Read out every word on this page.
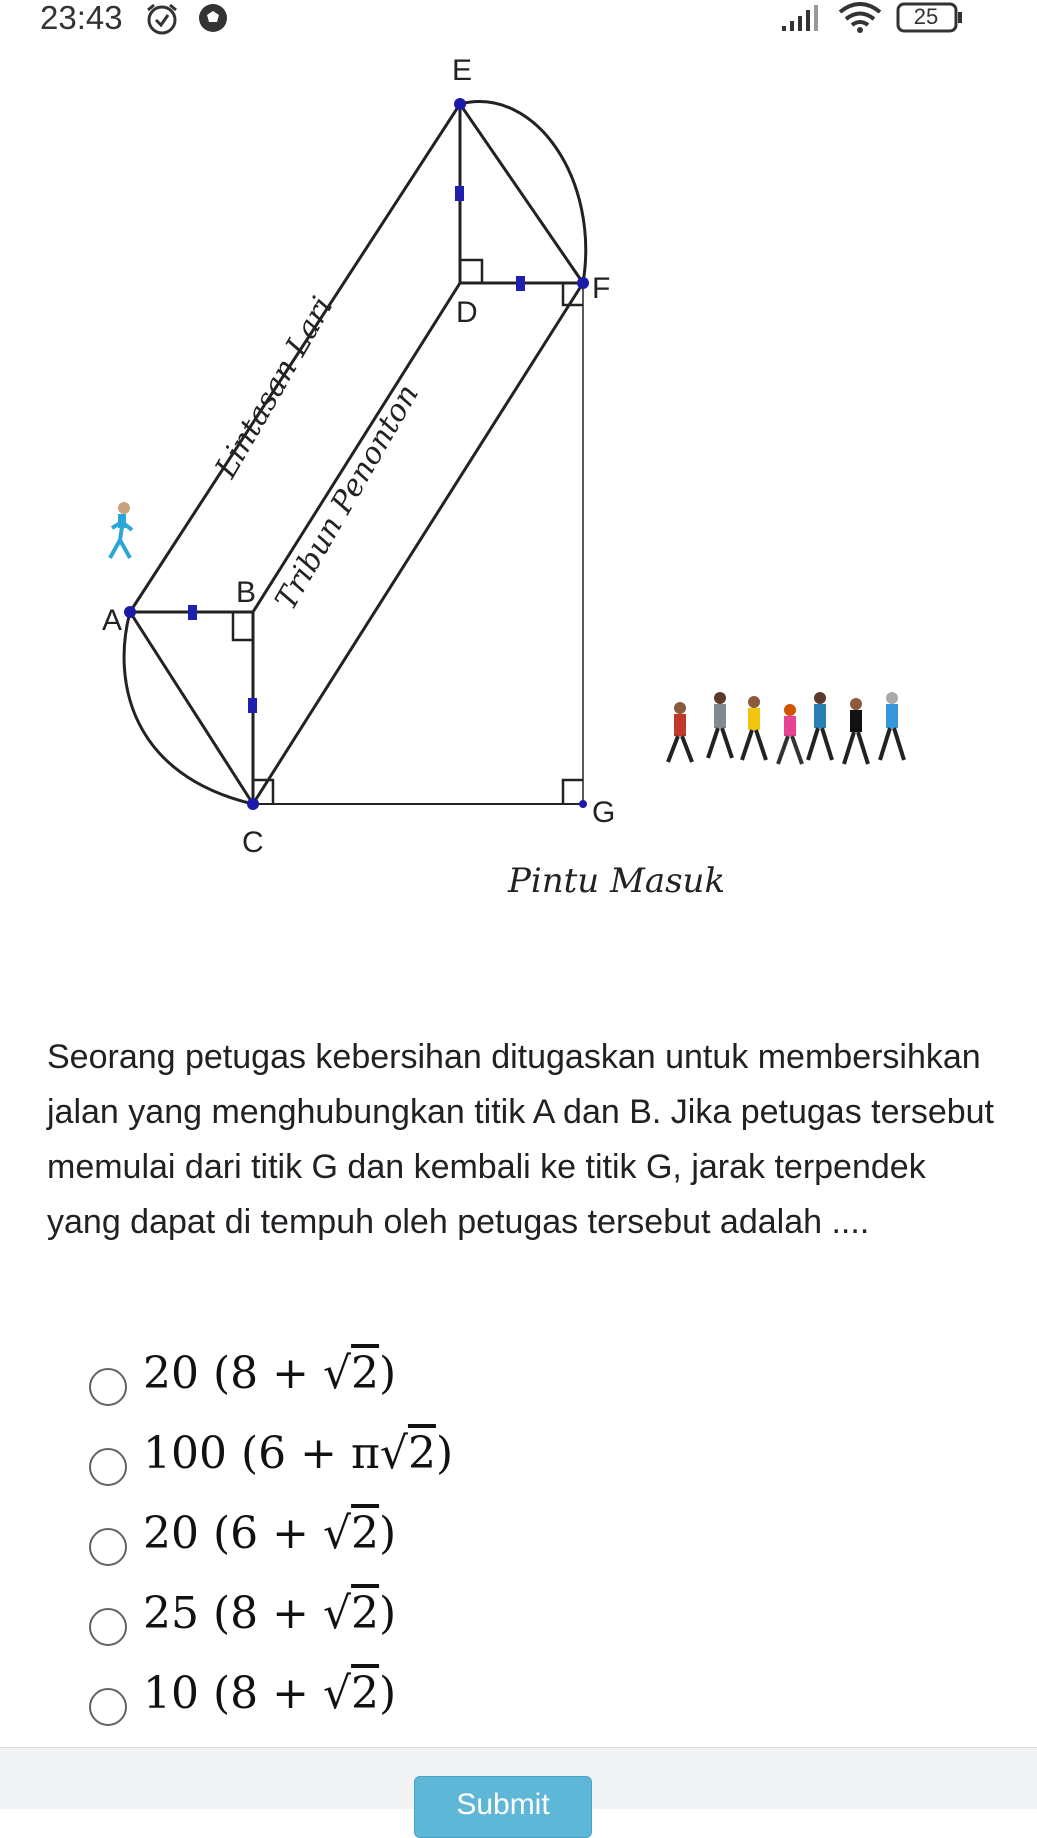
23:43	25
E
F
D
B
A
C
G
Lintasan Lari
Tribun Penonton
Pintu Masuk

Seorang petugas kebersihan ditugaskan untuk membersihkan jalan yang menghubungkan titik A dan B. Jika petugas tersebut memulai dari titik G dan kembali ke titik G, jarak terpendek yang dapat di tempuh oleh petugas tersebut adalah ....

20 (8 + √2)
100 (6 + π√2)
20 (6 + √2)
25 (8 + √2)
10 (8 + √2)
Submit
